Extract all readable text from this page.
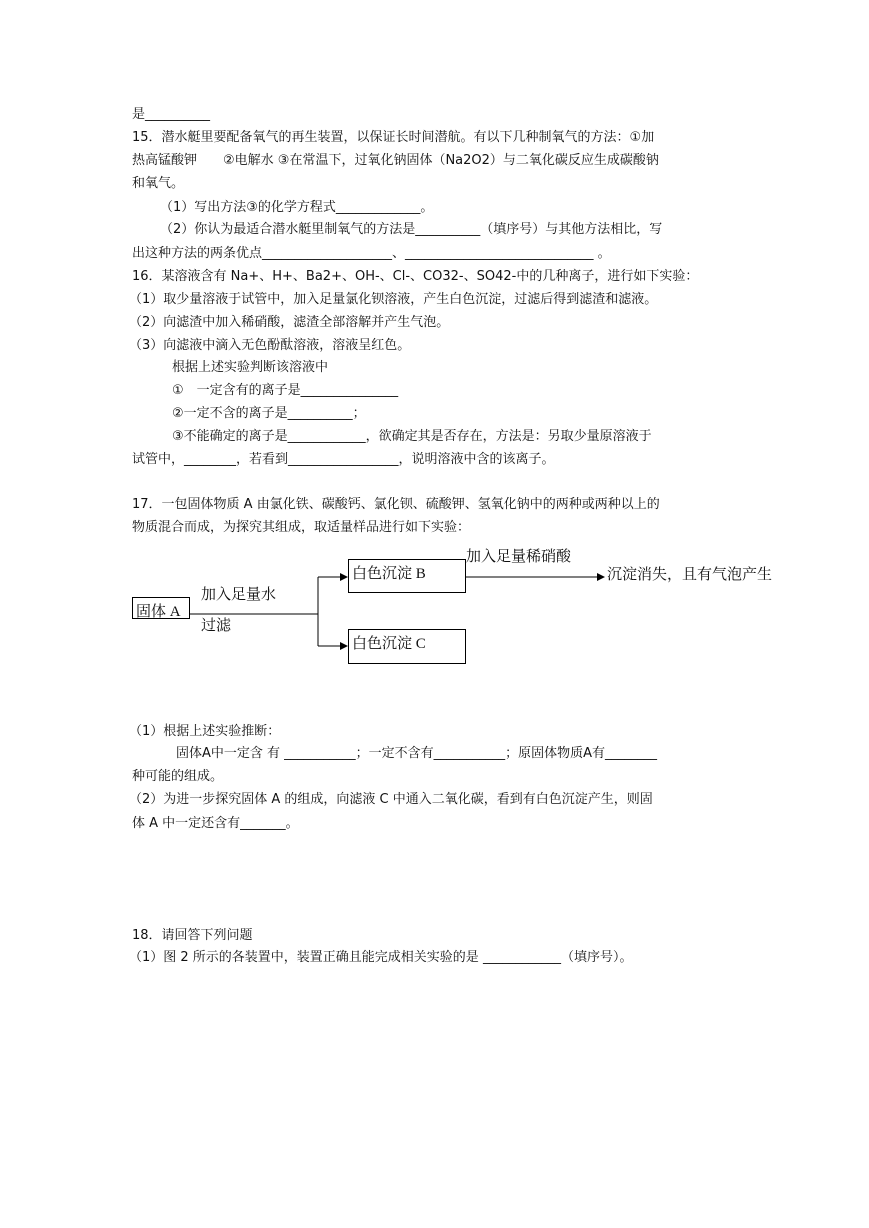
是__________
15．潜水艇里要配备氧气的再生装置，以保证长时间潜航。有以下几种制氧气的方法：①加
热高锰酸钾　　②电解水 ③在常温下，过氧化钠固体（Na2O2）与二氧化碳反应生成碳酸钠
和氧气。
（1）写出方法③的化学方程式_____________。
（2）你认为最适合潜水艇里制氧气的方法是__________（填序号）与其他方法相比，写
出这种方法的两条优点____________________、_____________________________ 。
16．某溶液含有 Na+、H+、Ba2+、OH-、Cl-、CO32-、SO42-中的几种离子，进行如下实验：
（1）取少量溶液于试管中，加入足量氯化钡溶液，产生白色沉淀，过滤后得到滤渣和滤液。
（2）向滤渣中加入稀硝酸，滤渣全部溶解并产生气泡。
（3）向滤液中滴入无色酚酞溶液，溶液呈红色。
根据上述实验判断该溶液中
①　一定含有的离子是_______________
②一定不含的离子是__________；
③不能确定的离子是____________，欲确定其是否存在，方法是：另取少量原溶液于
试管中，________，若看到_________________，说明溶液中含的该离子。
17．一包固体物质 A 由氯化铁、碳酸钙、氯化钡、硫酸钾、氢氧化钠中的两种或两种以上的
物质混合而成，为探究其组成，取适量样品进行如下实验：
固体 A
白色沉淀 B
白色沉淀 C
加入足量水
过滤
加入足量稀硝酸
沉淀消失，且有气泡产生
（1）根据上述实验推断：
固体A中一定含 有 ___________；一定不含有___________；原固体物质A有________
种可能的组成。
（2）为进一步探究固体 A 的组成，向滤液 C 中通入二氧化碳，看到有白色沉淀产生，则固
体 A 中一定还含有_______。
18．请回答下列问题
（1）图 2 所示的各装置中，装置正确且能完成相关实验的是 ____________（填序号）。
